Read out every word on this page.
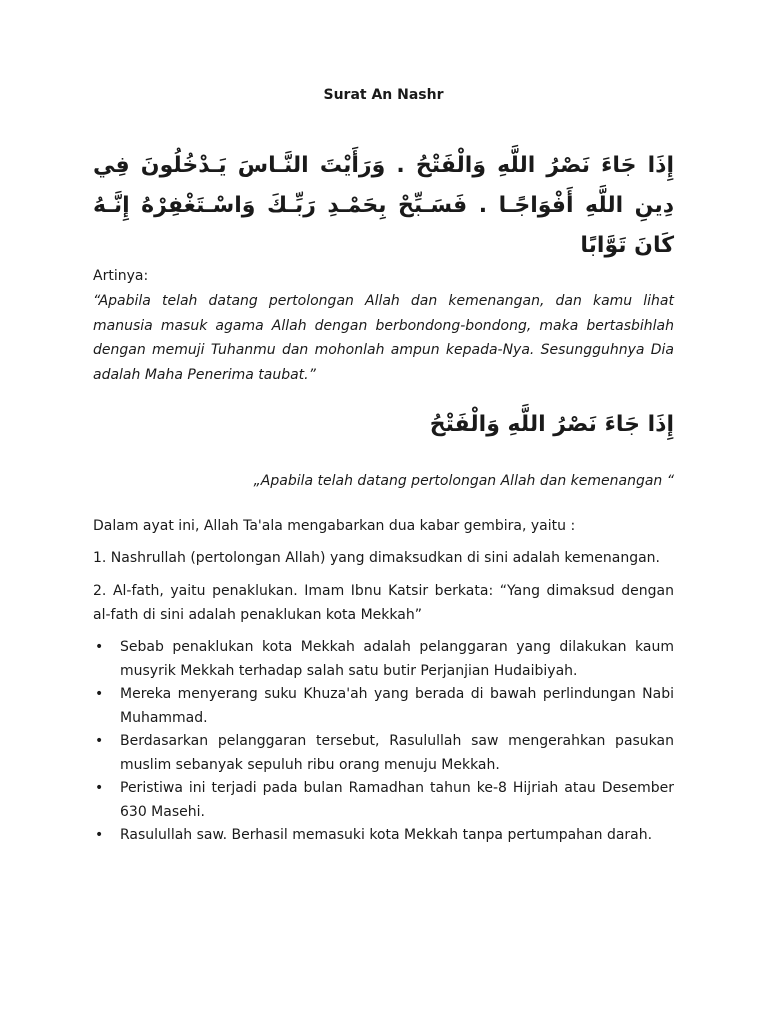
Surat An Nashr
إِذَا جَاءَ نَصْرُ اللَّهِ وَالْفَتْحُ . وَرَأَيْتَ النَّـاسَ يَـدْخُلُونَ فِي دِينِ اللَّهِ أَفْوَاجًـا . فَسَـبِّحْ بِحَمْـدِ رَبِّـكَ وَاسْـتَغْفِرْهُ إِنَّـهُ كَانَ تَوَّابًا
Artinya:
“Apabila telah datang pertolongan Allah dan kemenangan, dan kamu lihat manusia masuk agama Allah dengan berbondong-bondong, maka bertasbihlah dengan memuji Tuhanmu dan mohonlah ampun kepada-Nya. Sesungguhnya Dia adalah Maha Penerima taubat.”
إِذَا جَاءَ نَصْرُ اللَّهِ وَالْفَتْحُ
„Apabila telah datang pertolongan Allah dan kemenangan “
Dalam ayat ini, Allah Ta'ala mengabarkan dua kabar gembira, yaitu :
1. Nashrullah (pertolongan Allah) yang dimaksudkan di sini adalah kemenangan.
2. Al-fath, yaitu penaklukan. Imam Ibnu Katsir berkata: “Yang dimaksud dengan al-fath di sini adalah penaklukan kota Mekkah”
• Sebab penaklukan kota Mekkah adalah pelanggaran yang dilakukan kaum musyrik Mekkah terhadap salah satu butir Perjanjian Hudaibiyah.
• Mereka menyerang suku Khuza'ah yang berada di bawah perlindungan Nabi Muhammad.
• Berdasarkan pelanggaran tersebut, Rasulullah saw mengerahkan pasukan muslim sebanyak sepuluh ribu orang menuju Mekkah.
• Peristiwa ini terjadi pada bulan Ramadhan tahun ke-8 Hijriah atau Desember 630 Masehi.
• Rasulullah saw. Berhasil memasuki kota Mekkah tanpa pertumpahan darah.
